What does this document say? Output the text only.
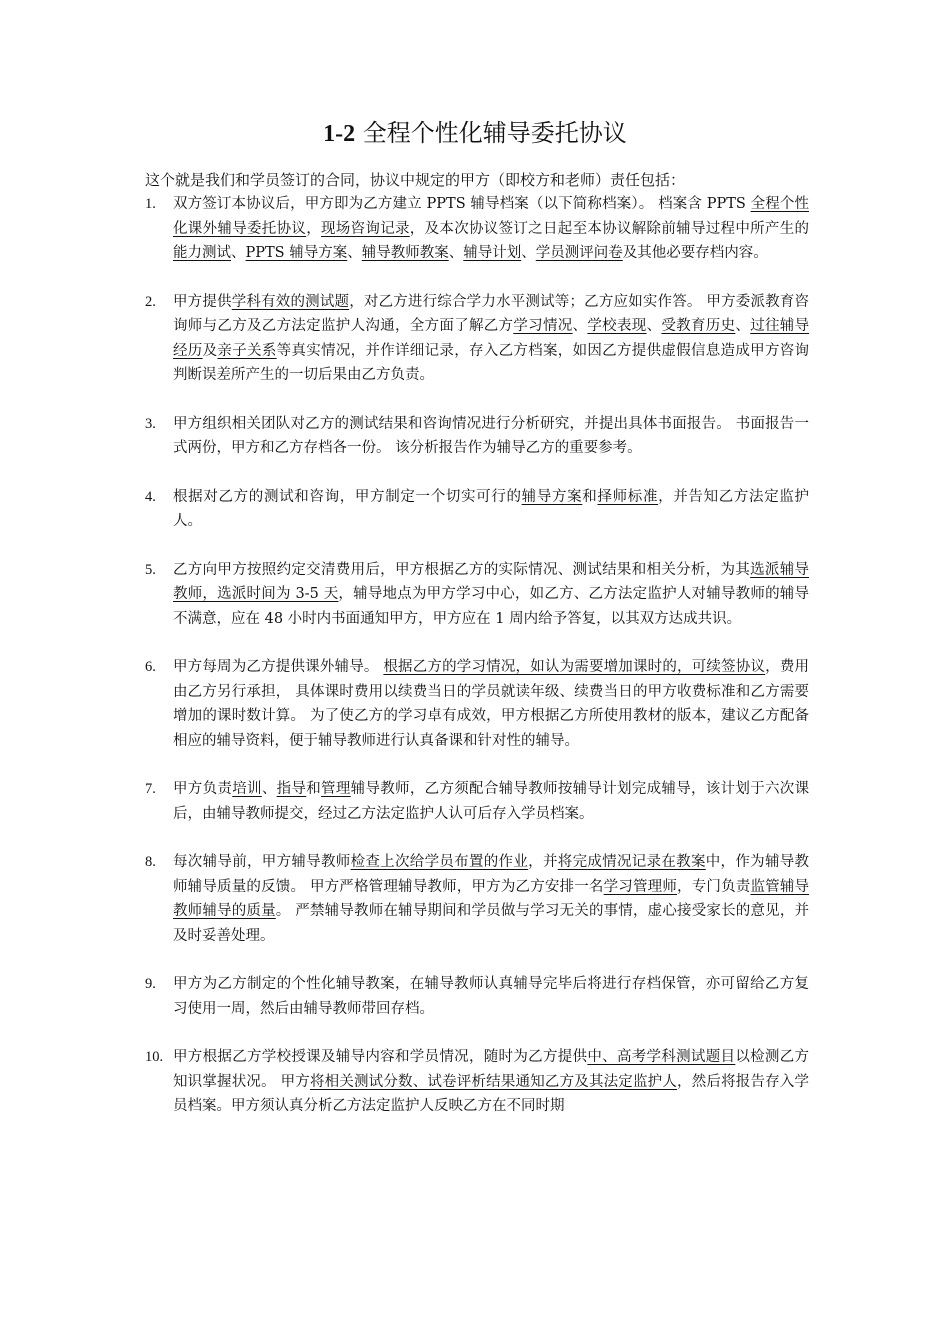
1-2 全程个性化辅导委托协议

这个就是我们和学员签订的合同，协议中规定的甲方（即校方和老师）责任包括：

1. 双方签订本协议后，甲方即为乙方建立 PPTS 辅导档案（以下简称档案）。 档案含 PPTS 全程个性化课外辅导委托协议，现场咨询记录，及本次协议签订之日起至本协议解除前辅导过程中所产生的能力测试、PPTS 辅导方案、辅导教师教案、辅导计划、学员测评问卷及其他必要存档内容。
2. 甲方提供学科有效的测试题，对乙方进行综合学力水平测试等；乙方应如实作答。 甲方委派教育咨询师与乙方及乙方法定监护人沟通，全方面了解乙方学习情况、学校表现、受教育历史、过往辅导经历及亲子关系等真实情况，并作详细记录，存入乙方档案，如因乙方提供虚假信息造成甲方咨询判断误差所产生的一切后果由乙方负责。
3. 甲方组织相关团队对乙方的测试结果和咨询情况进行分析研究，并提出具体书面报告。 书面报告一式两份，甲方和乙方存档各一份。 该分析报告作为辅导乙方的重要参考。
4. 根据对乙方的测试和咨询，甲方制定一个切实可行的辅导方案和择师标准，并告知乙方法定监护人。
5. 乙方向甲方按照约定交清费用后，甲方根据乙方的实际情况、测试结果和相关分析，为其选派辅导教师，选派时间为 3-5 天，辅导地点为甲方学习中心，如乙方、乙方法定监护人对辅导教师的辅导不满意，应在 48 小时内书面通知甲方，甲方应在 1 周内给予答复，以其双方达成共识。
6. 甲方每周为乙方提供课外辅导。 根据乙方的学习情况，如认为需要增加课时的，可续签协议，费用由乙方另行承担， 具体课时费用以续费当日的学员就读年级、续费当日的甲方收费标准和乙方需要增加的课时数计算。 为了使乙方的学习卓有成效，甲方根据乙方所使用教材的版本，建议乙方配备相应的辅导资料，便于辅导教师进行认真备课和针对性的辅导。
7. 甲方负责培训、指导和管理辅导教师，乙方须配合辅导教师按辅导计划完成辅导，该计划于六次课后，由辅导教师提交，经过乙方法定监护人认可后存入学员档案。
8. 每次辅导前，甲方辅导教师检查上次给学员布置的作业，并将完成情况记录在教案中，作为辅导教师辅导质量的反馈。 甲方严格管理辅导教师，甲方为乙方安排一名学习管理师，专门负责监管辅导教师辅导的质量。 严禁辅导教师在辅导期间和学员做与学习无关的事情，虚心接受家长的意见，并及时妥善处理。
9. 甲方为乙方制定的个性化辅导教案，在辅导教师认真辅导完毕后将进行存档保管，亦可留给乙方复习使用一周，然后由辅导教师带回存档。
10. 甲方根据乙方学校授课及辅导内容和学员情况，随时为乙方提供中、高考学科测试题目以检测乙方知识掌握状况。 甲方将相关测试分数、试卷评析结果通知乙方及其法定监护人，然后将报告存入学员档案。甲方须认真分析乙方法定监护人反映乙方在不同时期
